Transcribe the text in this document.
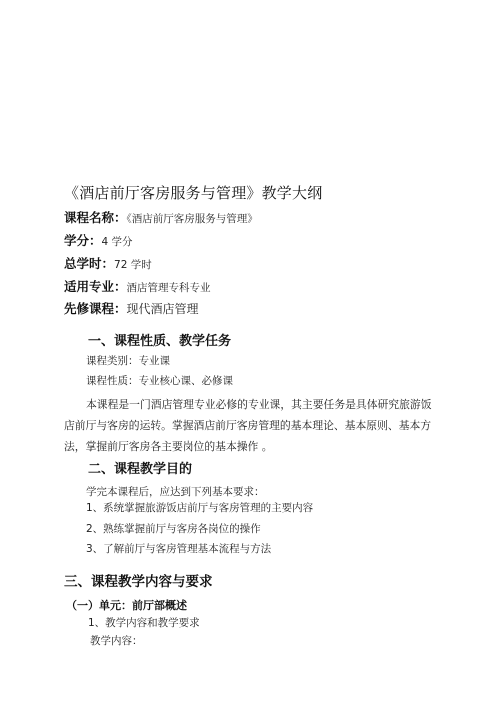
《酒店前厅客房服务与管理》教学大纲
课程名称：《酒店前厅客房服务与管理》
学分：4 学分
总学时：72 学时
适用专业：酒店管理专科专业
先修课程：现代酒店管理
一、课程性质、教学任务
课程类别：专业课
课程性质：专业核心课、必修课
本课程是一门酒店管理专业必修的专业课，其主要任务是具体研究旅游饭店前厅与客房的运转。掌握酒店前厅客房管理的基本理论、基本原则、基本方法，掌握前厅客房各主要岗位的基本操作 。
二、课程教学目的
学完本课程后，应达到下列基本要求：
1、系统掌握旅游饭店前厅与客房管理的主要内容
2、熟练掌握前厅与客房各岗位的操作
3、了解前厅与客房管理基本流程与方法
三、课程教学内容与要求
（一）单元：前厅部概述
1、教学内容和教学要求
教学内容：
